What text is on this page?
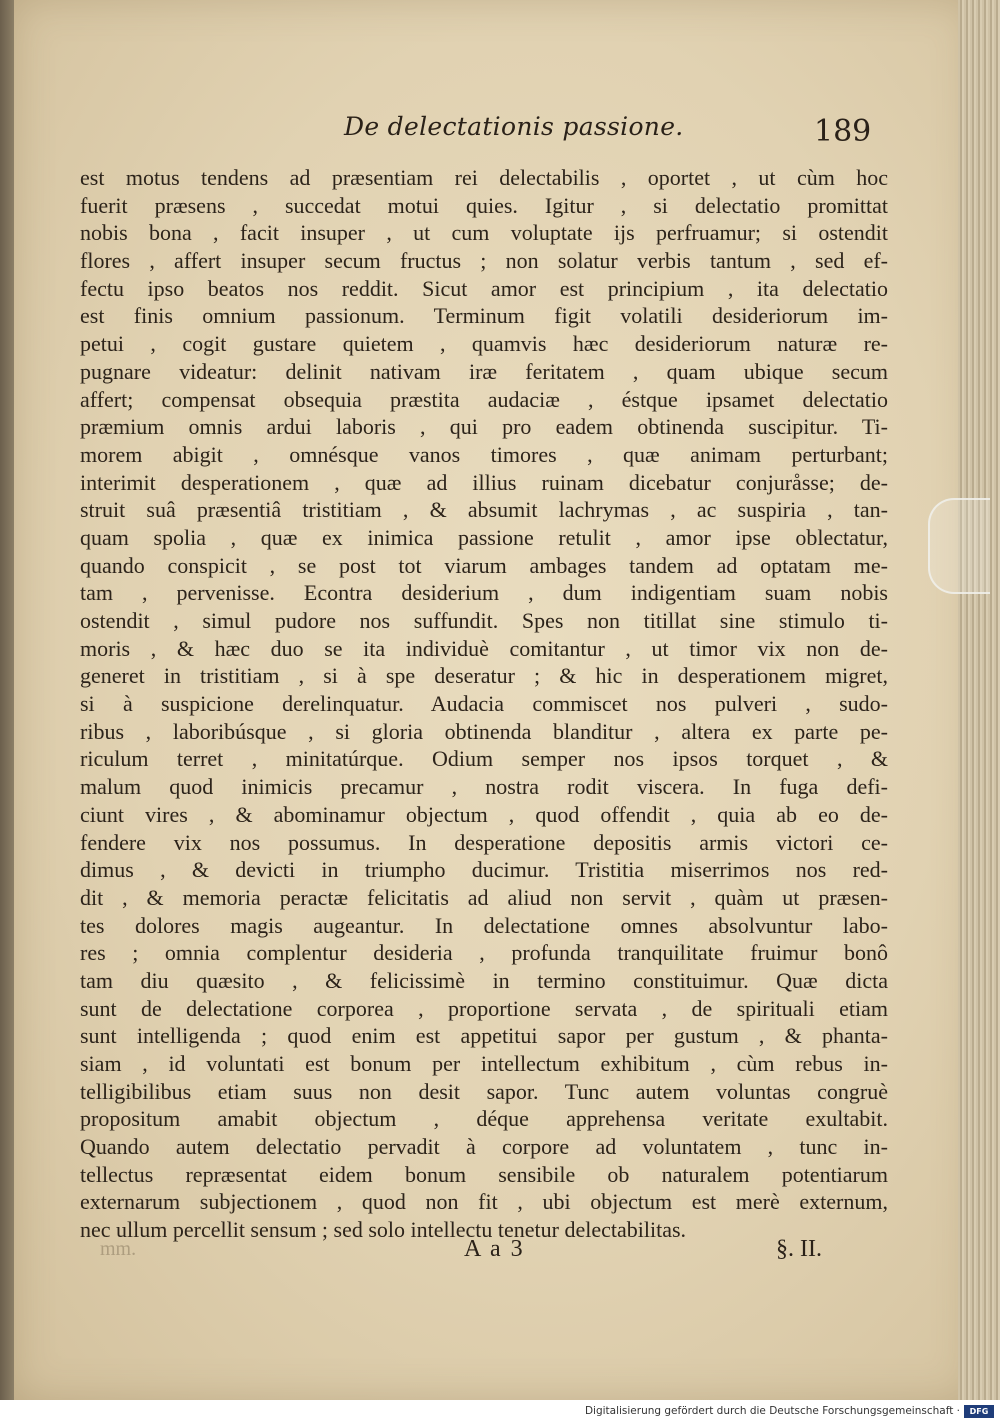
De delectationis passione.	189
est motus tendens ad præsentiam rei delectabilis , oportet , ut cùm hoc
fuerit præsens , succedat motui quies. Igitur , si delectatio promittat
nobis bona , facit insuper , ut cum voluptate ijs perfruamur; si ostendit
flores , affert insuper secum fructus ; non solatur verbis tantum , sed ef-
fectu ipso beatos nos reddit. Sicut amor est principium , ita delectatio
est finis omnium passionum. Terminum figit volatili desideriorum im-
petui , cogit gustare quietem , quamvis hæc desideriorum naturæ re-
pugnare videatur: delinit nativam iræ feritatem , quam ubique secum
affert; compensat obsequia præstita audaciæ , éstque ipsamet delectatio
præmium omnis ardui laboris , qui pro eadem obtinenda suscipitur. Ti-
morem abigit , omnésque vanos timores , quæ animam perturbant;
interimit desperationem , quæ ad illius ruinam dicebatur conjuråsse; de-
struit suâ præsentiâ tristitiam , & absumit lachrymas , ac suspiria , tan-
quam spolia , quæ ex inimica passione retulit , amor ipse oblectatur,
quando conspicit , se post tot viarum ambages tandem ad optatam me-
tam , pervenisse. Econtra desiderium , dum indigentiam suam nobis
ostendit , simul pudore nos suffundit. Spes non titillat sine stimulo ti-
moris , & hæc duo se ita individuè comitantur , ut timor vix non de-
generet in tristitiam , si à spe deseratur ; & hic in desperationem migret,
si à suspicione derelinquatur. Audacia commiscet nos pulveri , sudo-
ribus , laboribúsque , si gloria obtinenda blanditur , altera ex parte pe-
riculum terret , minitatúrque. Odium semper nos ipsos torquet , &
malum quod inimicis precamur , nostra rodit viscera. In fuga defi-
ciunt vires , & abominamur objectum , quod offendit , quia ab eo de-
fendere vix nos possumus. In desperatione depositis armis victori ce-
dimus , & devicti in triumpho ducimur. Tristitia miserrimos nos red-
dit , & memoria peractæ felicitatis ad aliud non servit , quàm ut præsen-
tes dolores magis augeantur. In delectatione omnes absolvuntur labo-
res ; omnia complentur desideria , profunda tranquilitate fruimur bonô
tam diu quæsito , & felicissimè in termino constituimur. Quæ dicta
sunt de delectatione corporea , proportione servata , de spirituali etiam
sunt intelligenda ; quod enim est appetitui sapor per gustum , & phanta-
siam , id voluntati est bonum per intellectum exhibitum , cùm rebus in-
telligibilibus etiam suus non desit sapor. Tunc autem voluntas congruè
propositum amabit objectum , déque apprehensa veritate exultabit.
Quando autem delectatio pervadit à corpore ad voluntatem , tunc in-
tellectus repræsentat eidem bonum sensibile ob naturalem potentiarum
externarum subjectionem , quod non fit , ubi objectum est merè externum,
nec ullum percellit sensum ; sed solo intellectu tenetur delectabilitas.
mm.	A a 3	§. II.
Digitalisierung gefördert durch die Deutsche Forschungsgemeinschaft ·	DFG
